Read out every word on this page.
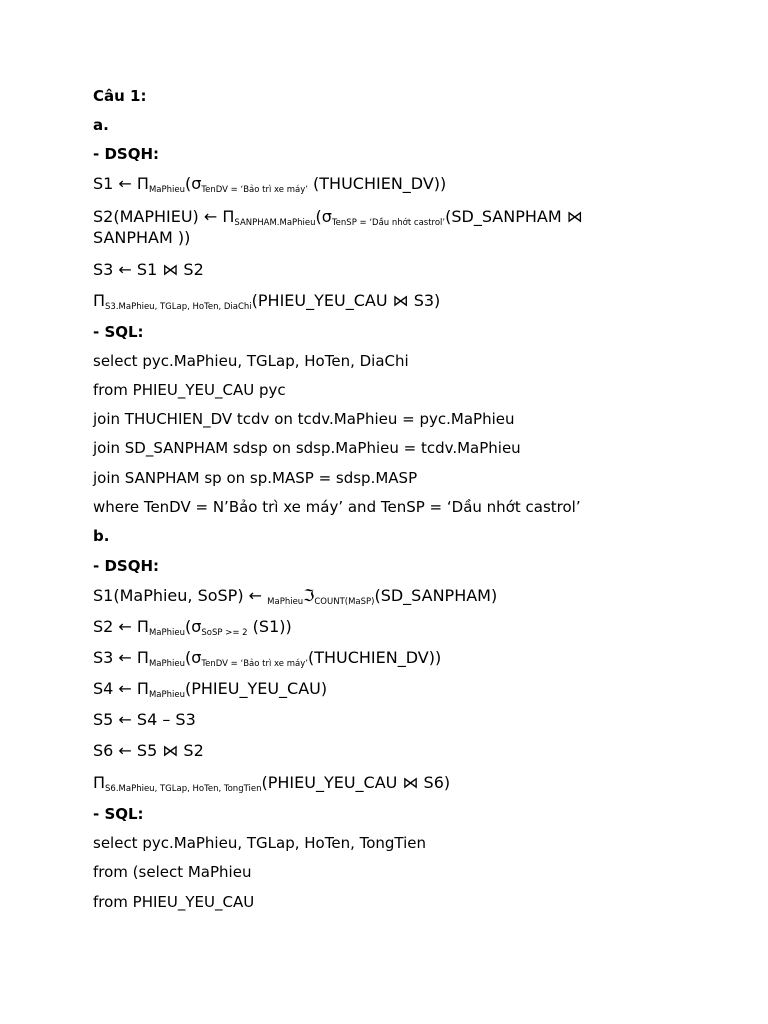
Câu 1:
a.
- DSQH:
S1 ← $\Pi_{MaPhieu}(\sigma_{TenDV = ‘Bảo trì xe máy’}$ (THUCHIEN_DV))
S2(MAPHIEU) ← $\Pi_{SANPHAM.MaPhieu}(\sigma_{TenSP = ‘Dầu nhớt castrol’}(SD\_SANPHAM$ ⋈ SANPHAM ))
S3 ← S1 ⋈ S2
$\Pi_{S3.MaPhieu, TGLap, HoTen, DiaChi}(PHIEU\_YEU\_CAU$ ⋈ S3)
- SQL:
select pyc.MaPhieu, TGLap, HoTen, DiaChi
from PHIEU_YEU_CAU pyc
join THUCHIEN_DV tcdv on tcdv.MaPhieu = pyc.MaPhieu
join SD_SANPHAM sdsp on sdsp.MaPhieu = tcdv.MaPhieu
join SANPHAM sp on sp.MASP = sdsp.MASP
where TenDV = N’Bảo trì xe máy’ and TenSP = ‘Dầu nhớt castrol’
b.
- DSQH:
S1(MaPhieu, SoSP) ← $_{MaPhieu}$ℑ$_{COUNT(MaSP)}$(SD_SANPHAM)
S2 ← $\Pi_{MaPhieu}(\sigma_{SoSP >= 2}$ (S1))
S3 ← $\Pi_{MaPhieu}(\sigma_{TenDV = ‘Bảo trì xe máy’}(THUCHIEN\_DV))$
S4 ← $\Pi_{MaPhieu}(PHIEU\_YEU\_CAU)$
S5 ← S4 – S3
S6 ← S5 ⋈ S2
$\Pi_{S6.MaPhieu, TGLap, HoTen, TongTien}(PHIEU\_YEU\_CAU$ ⋈ S6)
- SQL:
select pyc.MaPhieu, TGLap, HoTen, TongTien
from (select MaPhieu
from PHIEU_YEU_CAU
